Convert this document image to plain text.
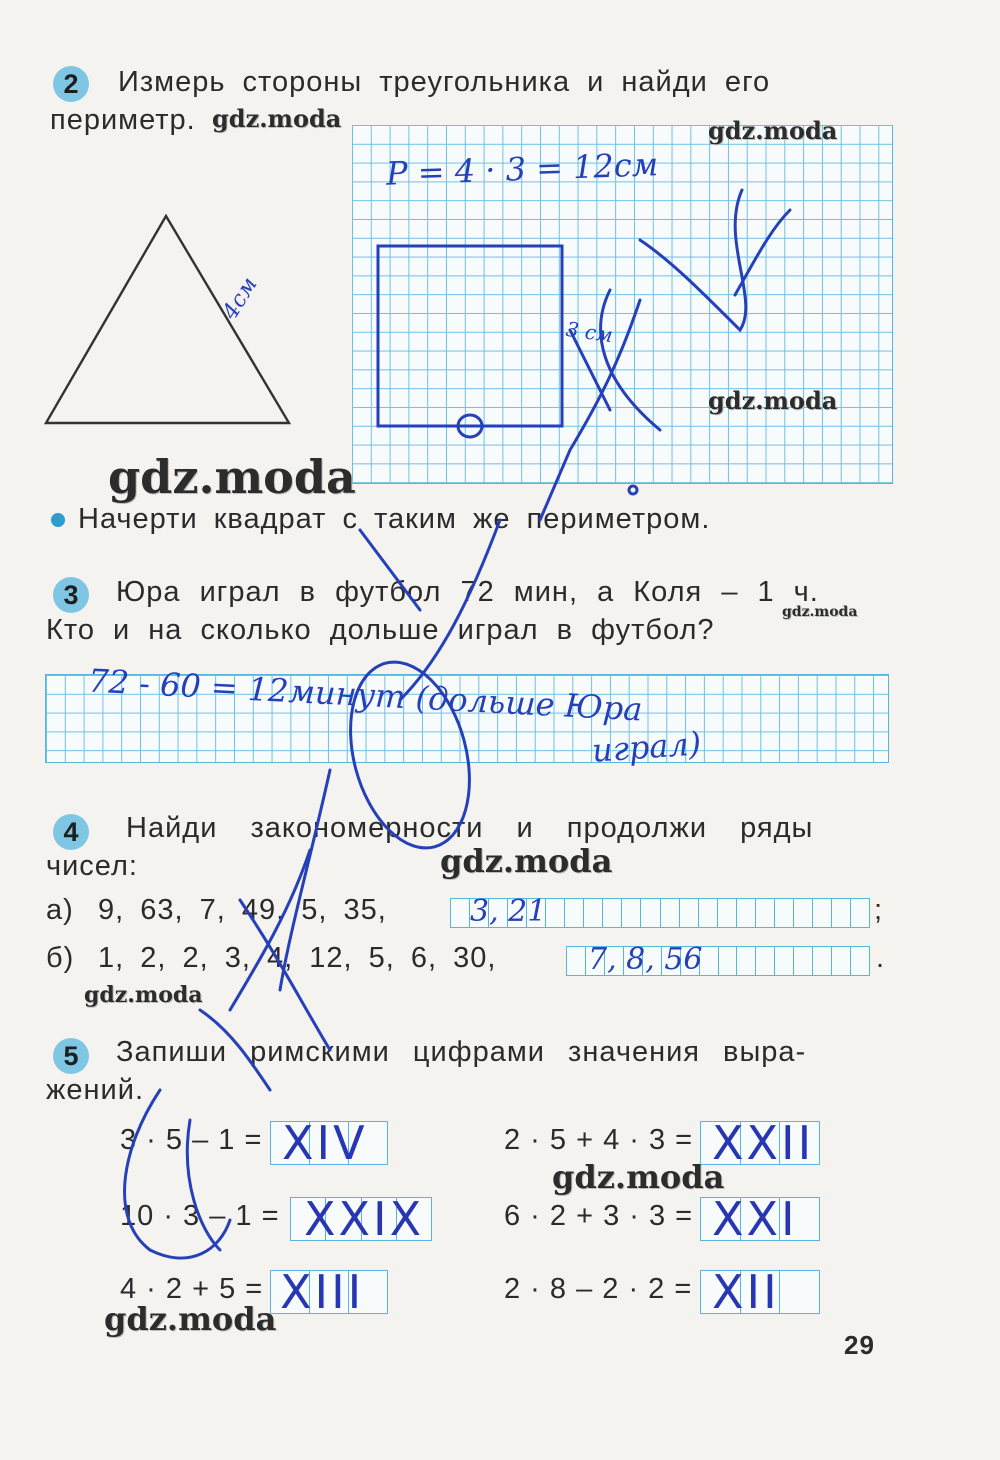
2	Измерь стороны треугольника и найди его
периметр.
4см
P = 4 · 3 = 12см
3 см
Начерти квадрат с таким же периметром.
3	Юра играл в футбол 72 мин, а Коля – 1 ч.
Кто и на сколько дольше играл в футбол?
72 - 60 = 12минут (дольше Юра
играл)
4	Найди закономерности и продолжи ряды
чисел:
а) 9, 63, 7, 49, 5, 35,	3, 21	;
б) 1, 2, 2, 3, 4, 12, 5, 6, 30,	7, 8, 56	.
5	Запиши римскими цифрами значения выра-
жений.
3 · 5 – 1 = XIV
10 · 3 – 1 = XXIX
4 · 2 + 5 = XIII
2 · 5 + 4 · 3 = XXII
6 · 2 + 3 · 3 = XXI
2 · 8 – 2 · 2 = XII
29
gdz.moda	gdz.moda
gdz.moda
gdz.moda
gdz.moda
gdz.moda
gdz.moda
gdz.moda
gdz.moda
